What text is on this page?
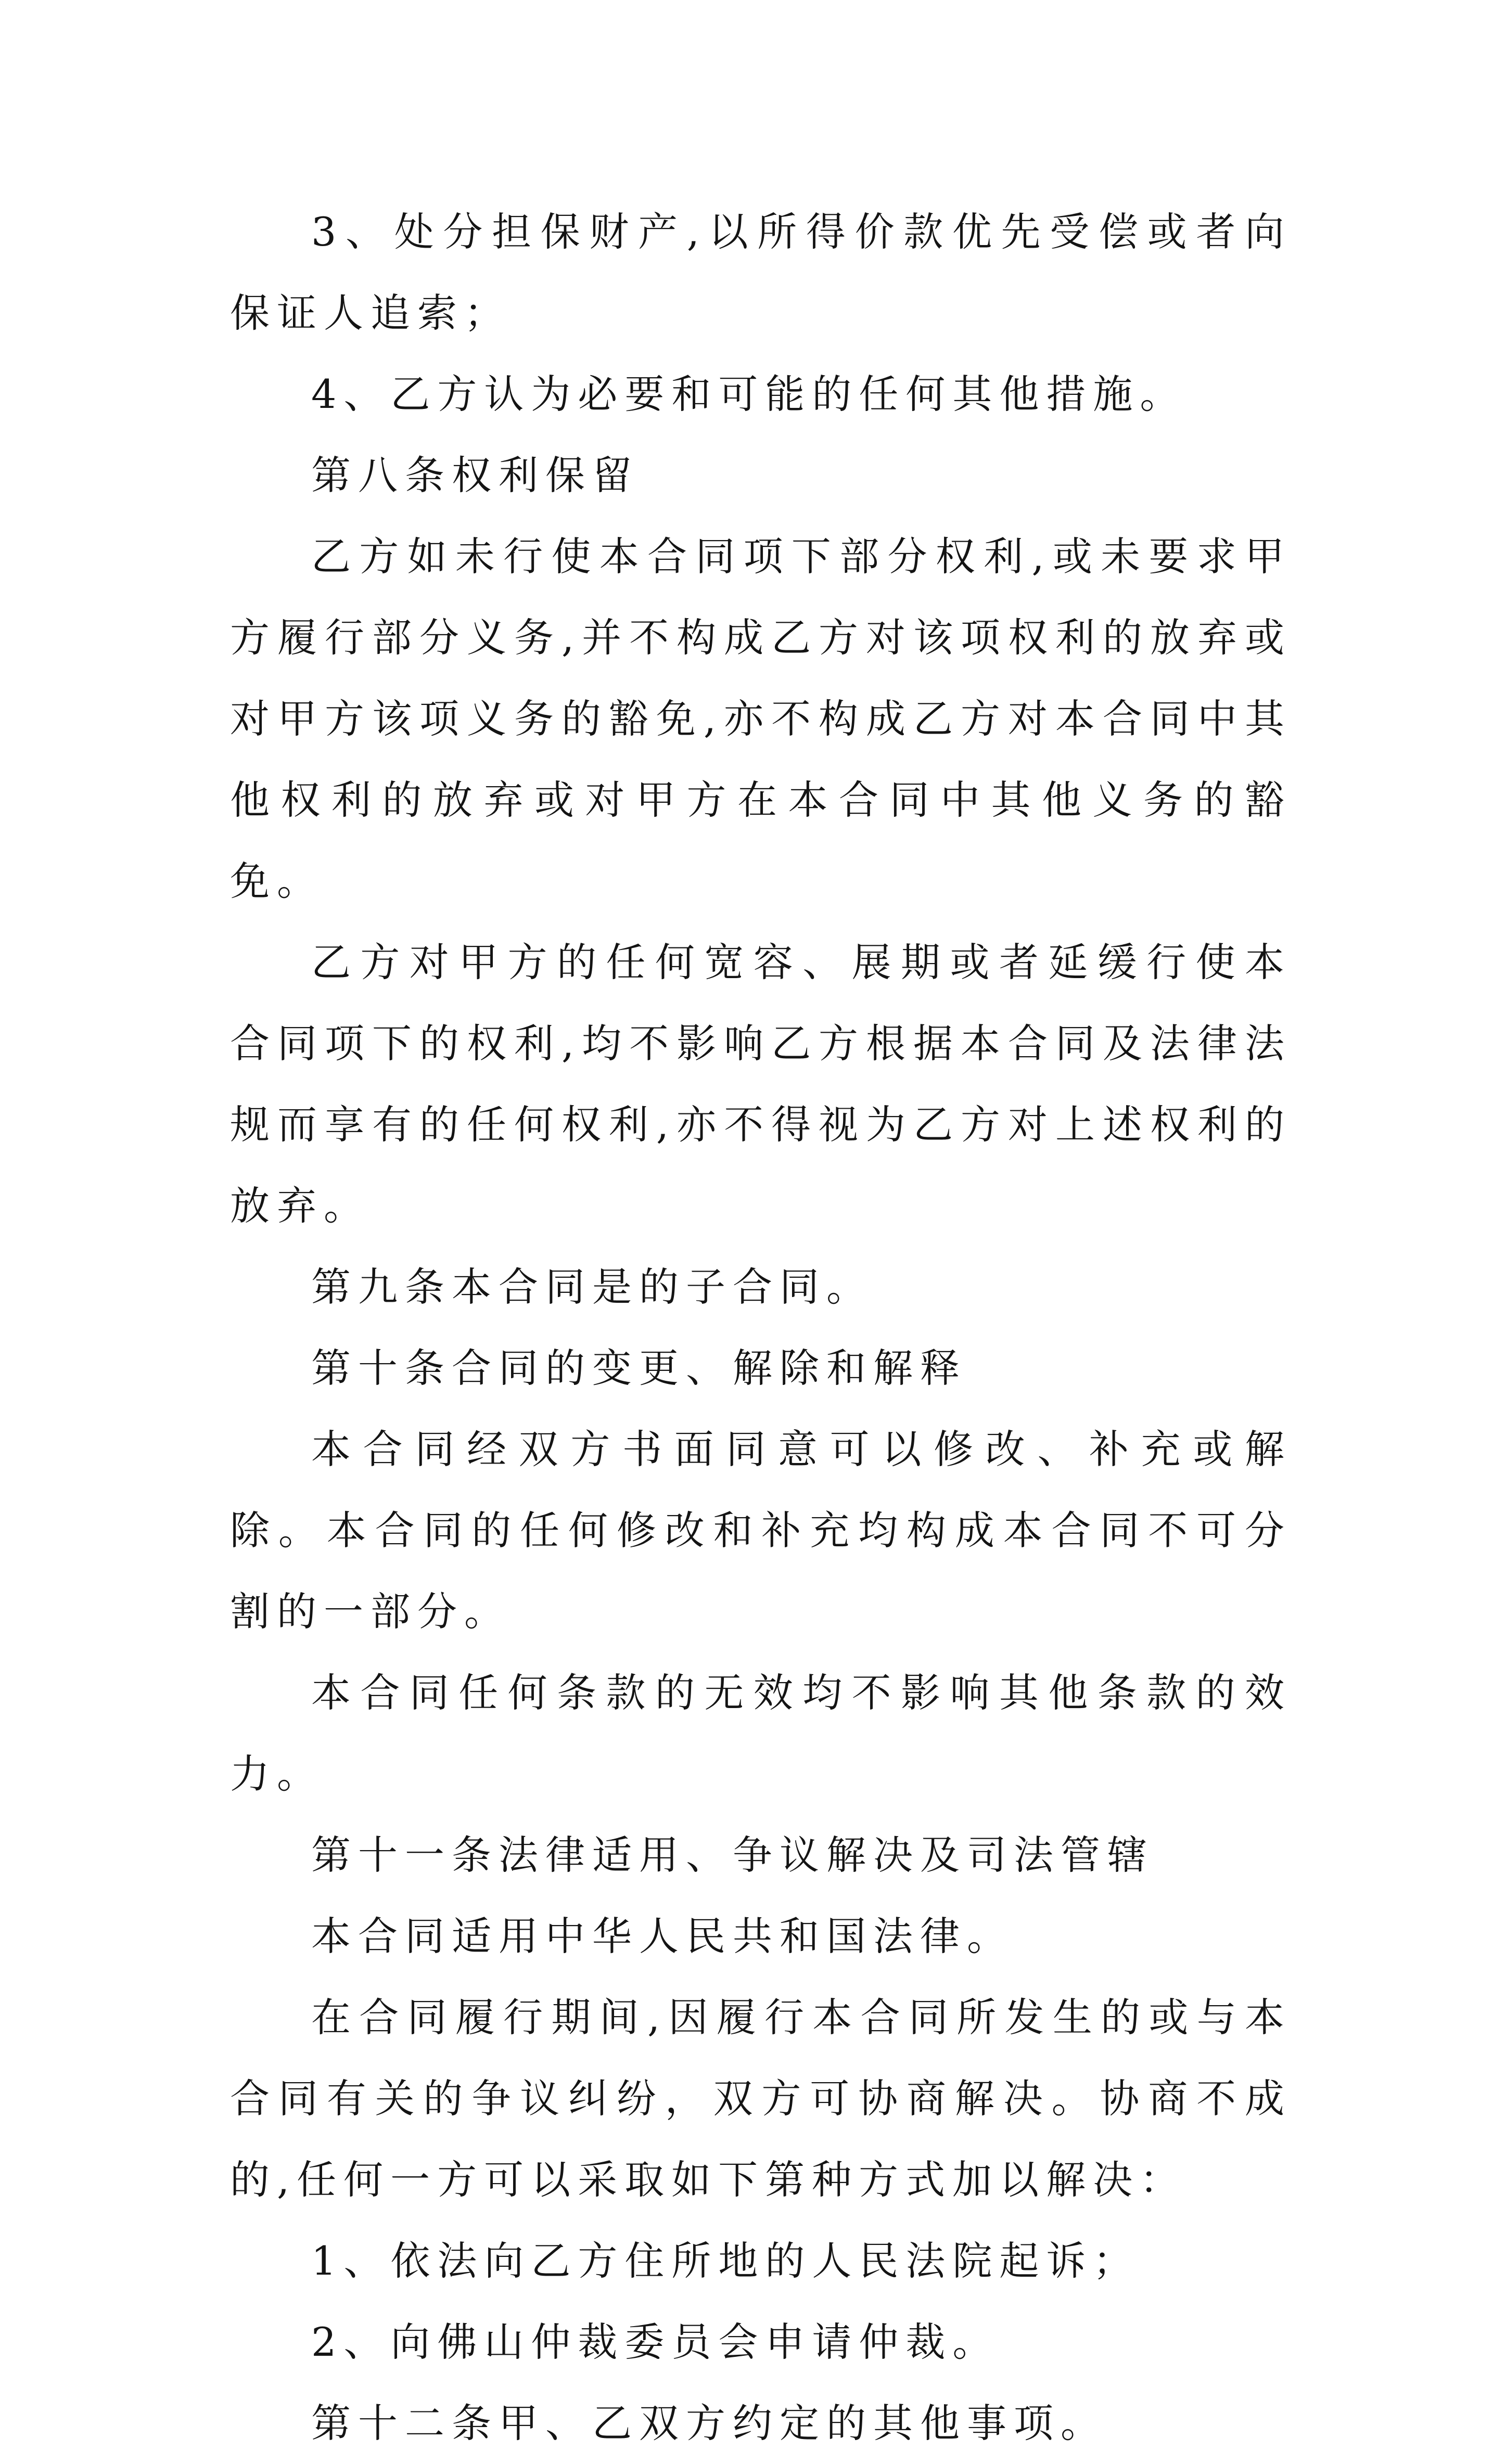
3、处分担保财产,以所得价款优先受偿或者向保证人追索；

4、乙方认为必要和可能的任何其他措施。

第八条权利保留

乙方如未行使本合同项下部分权利,或未要求甲方履行部分义务,并不构成乙方对该项权利的放弃或对甲方该项义务的豁免,亦不构成乙方对本合同中其他权利的放弃或对甲方在本合同中其他义务的豁免。

乙方对甲方的任何宽容、展期或者延缓行使本合同项下的权利,均不影响乙方根据本合同及法律法规而享有的任何权利,亦不得视为乙方对上述权利的放弃。

第九条本合同是的子合同。

第十条合同的变更、解除和解释

本合同经双方书面同意可以修改、补充或解除。本合同的任何修改和补充均构成本合同不可分割的一部分。

本合同任何条款的无效均不影响其他条款的效力。

第十一条法律适用、争议解决及司法管辖

本合同适用中华人民共和国法律。

在合同履行期间,因履行本合同所发生的或与本合同有关的争议纠纷，双方可协商解决。协商不成的,任何一方可以采取如下第种方式加以解决：

1、依法向乙方住所地的人民法院起诉；

2、向佛山仲裁委员会申请仲裁。

第十二条甲、乙双方约定的其他事项。
